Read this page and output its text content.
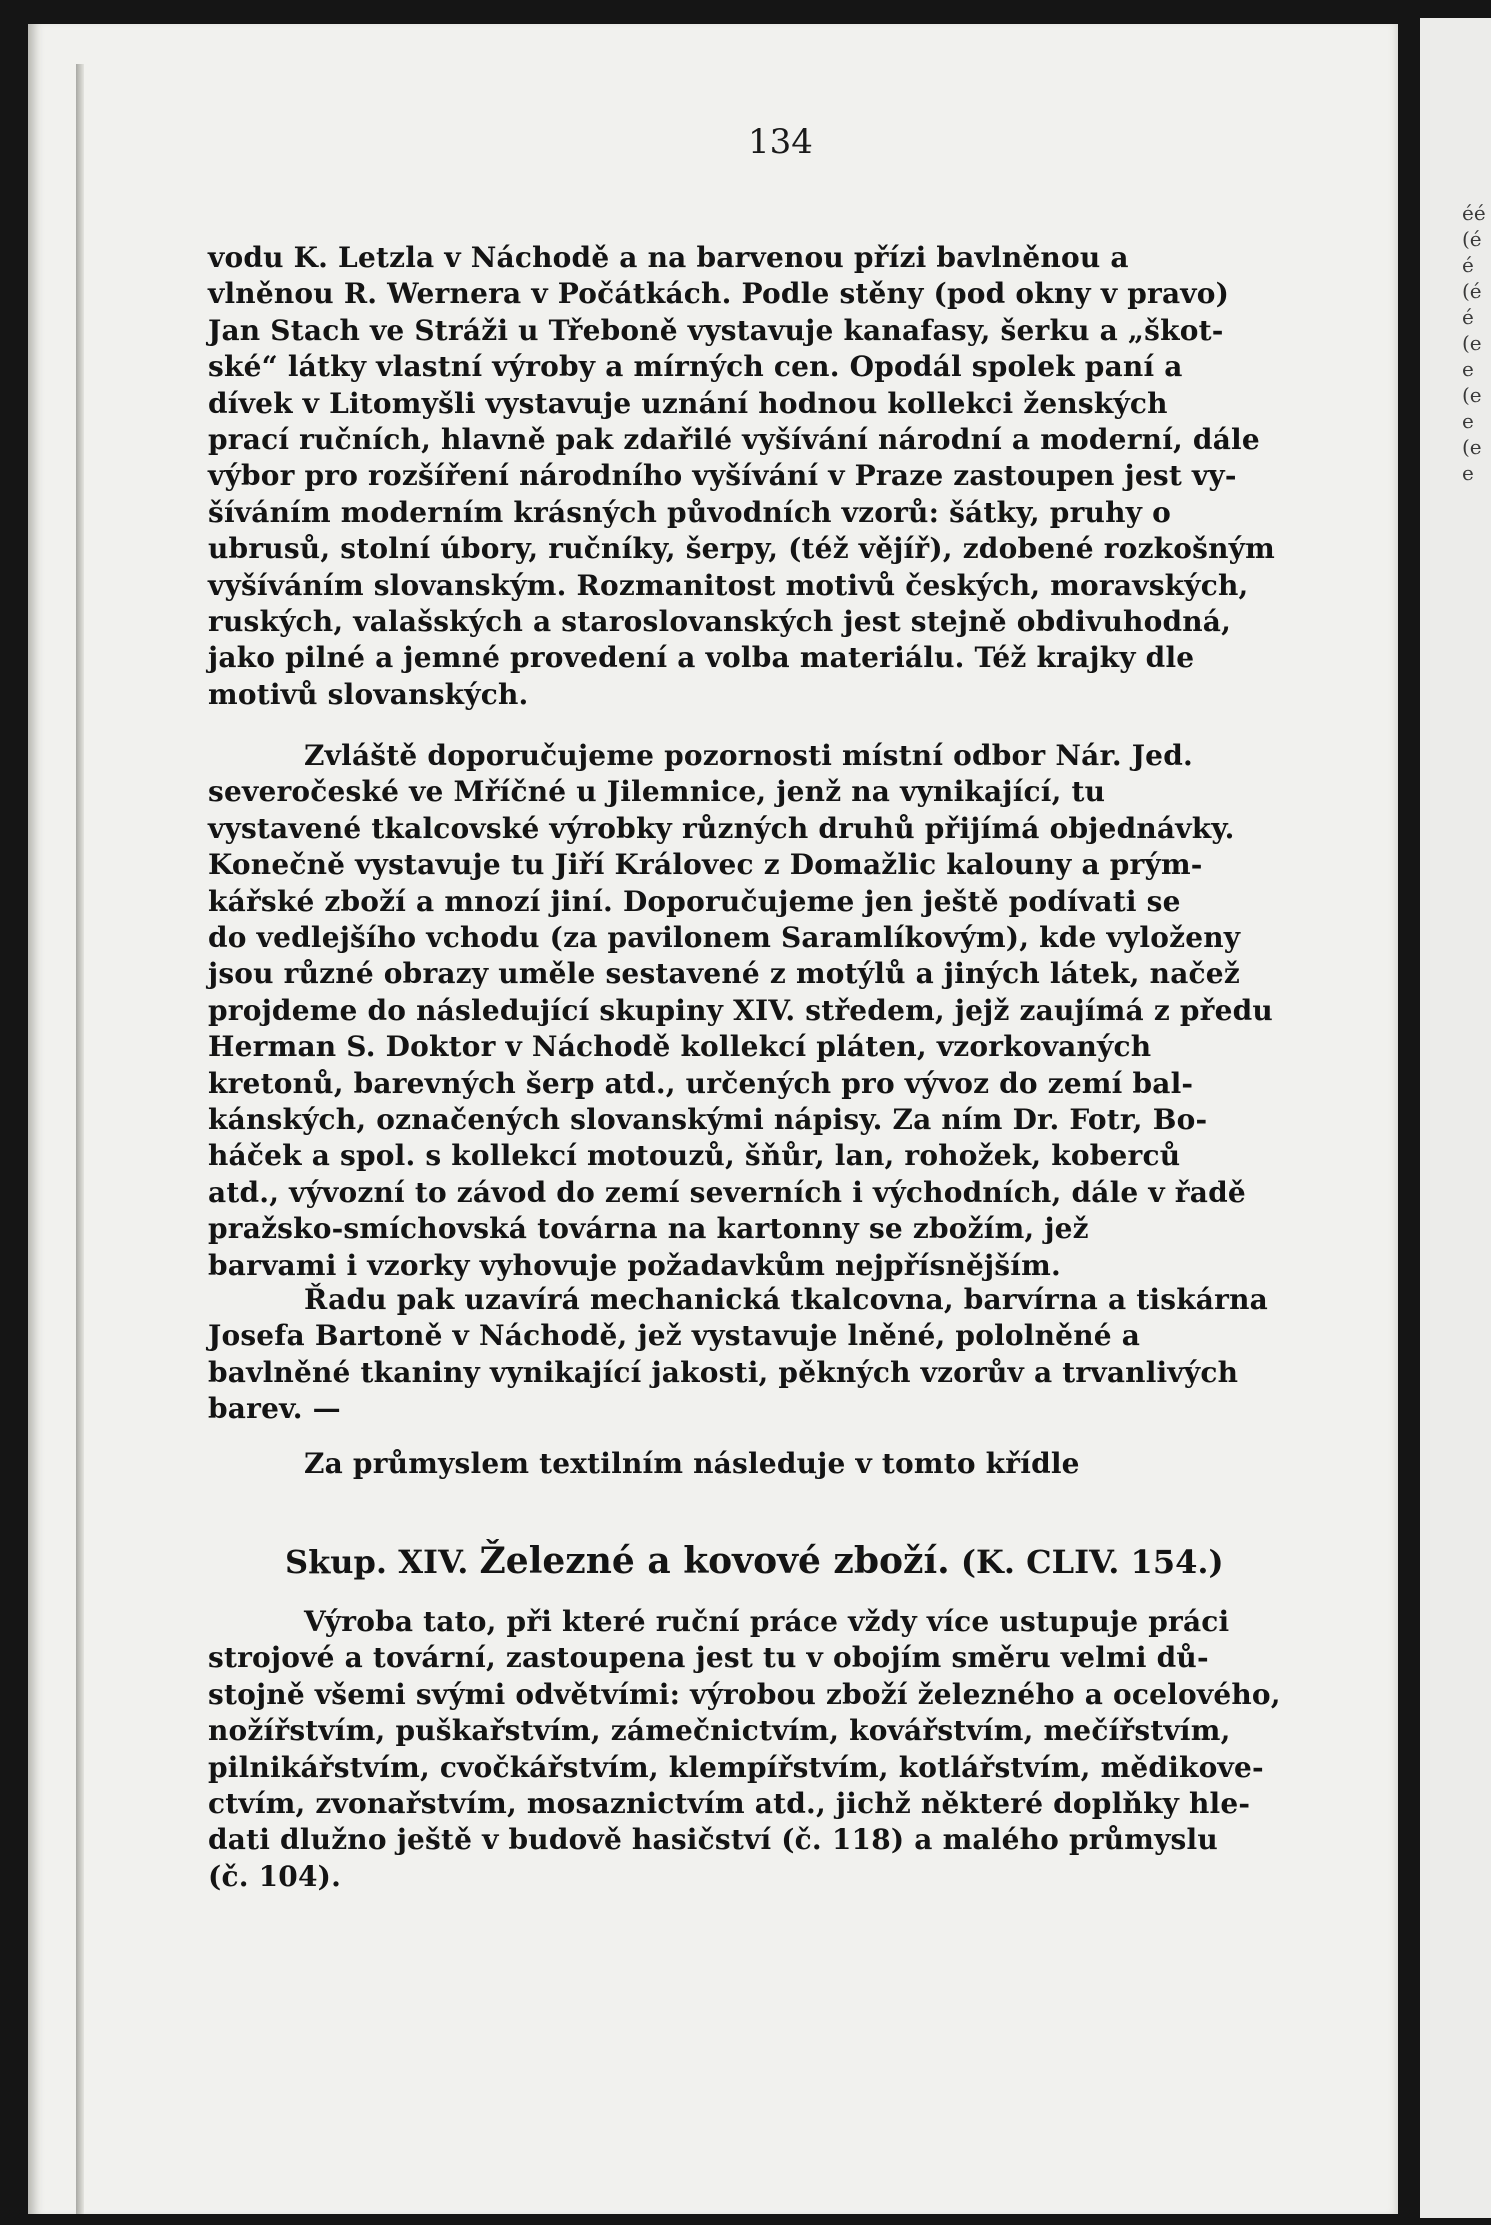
éé(éé(éé(ee(ee(ee
134
vodu K. Letzla v Náchodě a na barvenou přízi bavlněnou a
vlněnou R. Wernera v Počátkách. Podle stěny (pod okny v pravo)
Jan Stach ve Stráži u Třeboně vystavuje kanafasy, šerku a „škot-
ské“ látky vlastní výroby a mírných cen. Opodál spolek paní a
dívek v Litomyšli vystavuje uznání hodnou kollekci ženských
prací ručních, hlavně pak zdařilé vyšívání národní a moderní, dále
výbor pro rozšíření národního vyšívání v Praze zastoupen jest vy-
šíváním moderním krásných původních vzorů: šátky, pruhy o
ubrusů, stolní úbory, ručníky, šerpy, (též vějíř), zdobené rozkošným
vyšíváním slovanským. Rozmanitost motivů českých, moravských,
ruských, valašských a staroslovanských jest stejně obdivuhodná,
jako pilné a jemné provedení a volba materiálu. Též krajky dle
motivů slovanských.
Zvláště doporučujeme pozornosti místní odbor Nár. Jed.
severočeské ve Mříčné u Jilemnice, jenž na vynikající, tu
vystavené tkalcovské výrobky různých druhů přijímá objednávky.
Konečně vystavuje tu Jiří Královec z Domažlic kalouny a prým-
kářské zboží a mnozí jiní. Doporučujeme jen ještě podívati se
do vedlejšího vchodu (za pavilonem Saramlíkovým), kde vyloženy
jsou různé obrazy uměle sestavené z motýlů a jiných látek, načež
projdeme do následující skupiny XIV. středem, jejž zaujímá z předu
Herman S. Doktor v Náchodě kollekcí pláten, vzorkovaných
kretonů, barevných šerp atd., určených pro vývoz do zemí bal-
kánských, označených slovanskými nápisy. Za ním Dr. Fotr, Bo-
háček a spol. s kollekcí motouzů, šňůr, lan, rohožek, koberců
atd., vývozní to závod do zemí severních i východních, dále v řadě
pražsko-smíchovská továrna na kartonny se zbožím, jež
barvami i vzorky vyhovuje požadavkům nejpřísnějším.
Řadu pak uzavírá mechanická tkalcovna, barvírna a tiskárna
Josefa Bartoně v Náchodě, jež vystavuje lněné, pololněné a
bavlněné tkaniny vynikající jakosti, pěkných vzorův a trvanlivých
barev. —
Za průmyslem textilním následuje v tomto křídle
Skup. XIV. Železné a kovové zboží. (K. CLIV. 154.)
Výroba tato, při které ruční práce vždy více ustupuje práci
strojové a tovární, zastoupena jest tu v obojím směru velmi dů-
stojně všemi svými odvětvími: výrobou zboží železného a ocelového,
nožířstvím, puškařstvím, zámečnictvím, kovářstvím, mečířstvím,
pilnikářstvím, cvočkářstvím, klempířstvím, kotlářstvím, mědikove-
ctvím, zvonařstvím, mosaznictvím atd., jichž některé doplňky hle-
dati dlužno ještě v budově hasičství (č. 118) a malého průmyslu
(č. 104).
